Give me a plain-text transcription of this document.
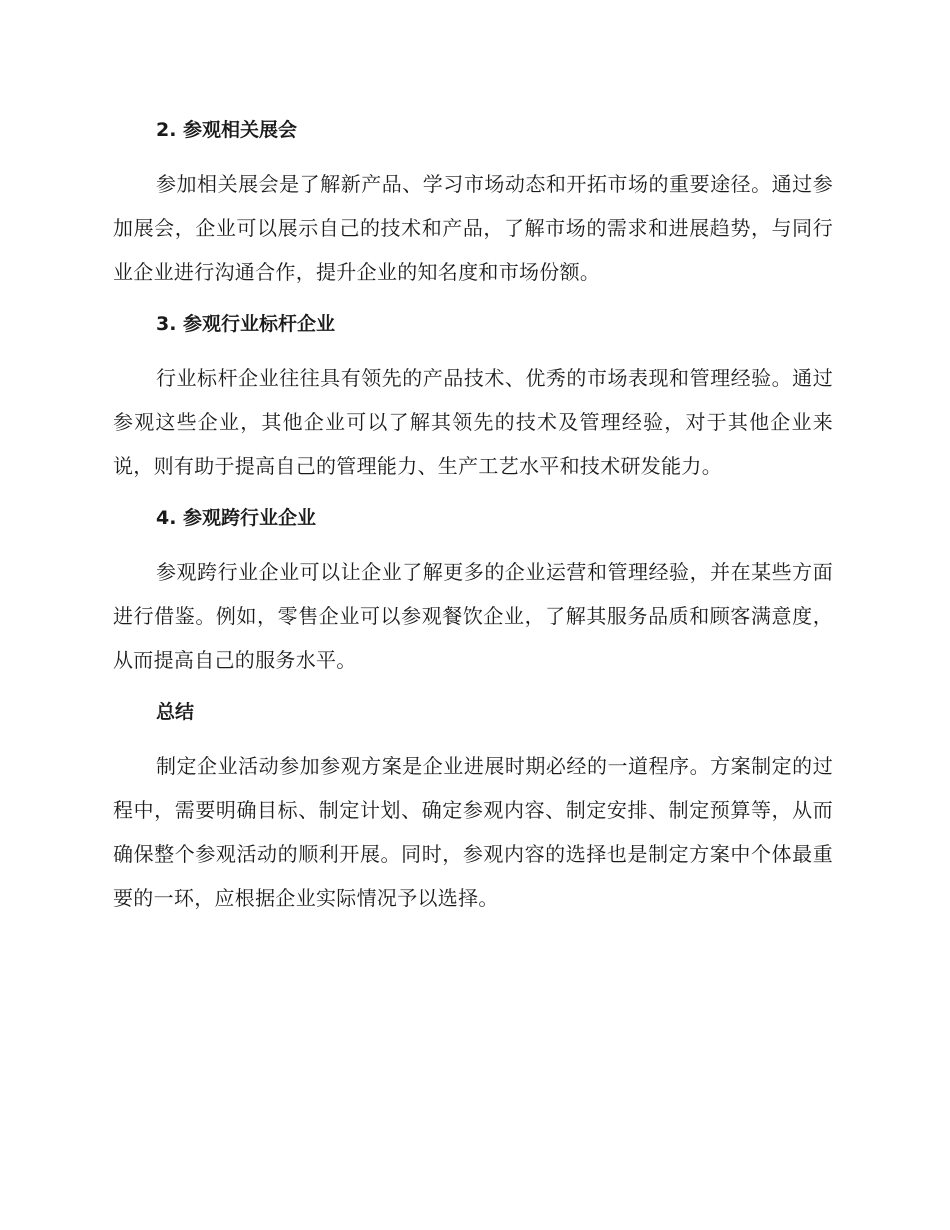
2. 参观相关展会

参加相关展会是了解新产品、学习市场动态和开拓市场的重要途径。通过参加展会，企业可以展示自己的技术和产品，了解市场的需求和进展趋势，与同行业企业进行沟通合作，提升企业的知名度和市场份额。

3. 参观行业标杆企业

行业标杆企业往往具有领先的产品技术、优秀的市场表现和管理经验。通过参观这些企业，其他企业可以了解其领先的技术及管理经验，对于其他企业来说，则有助于提高自己的管理能力、生产工艺水平和技术研发能力。

4. 参观跨行业企业

参观跨行业企业可以让企业了解更多的企业运营和管理经验，并在某些方面进行借鉴。例如，零售企业可以参观餐饮企业，了解其服务品质和顾客满意度，从而提高自己的服务水平。

总结

制定企业活动参加参观方案是企业进展时期必经的一道程序。方案制定的过程中，需要明确目标、制定计划、确定参观内容、制定安排、制定预算等，从而确保整个参观活动的顺利开展。同时，参观内容的选择也是制定方案中个体最重要的一环，应根据企业实际情况予以选择。
